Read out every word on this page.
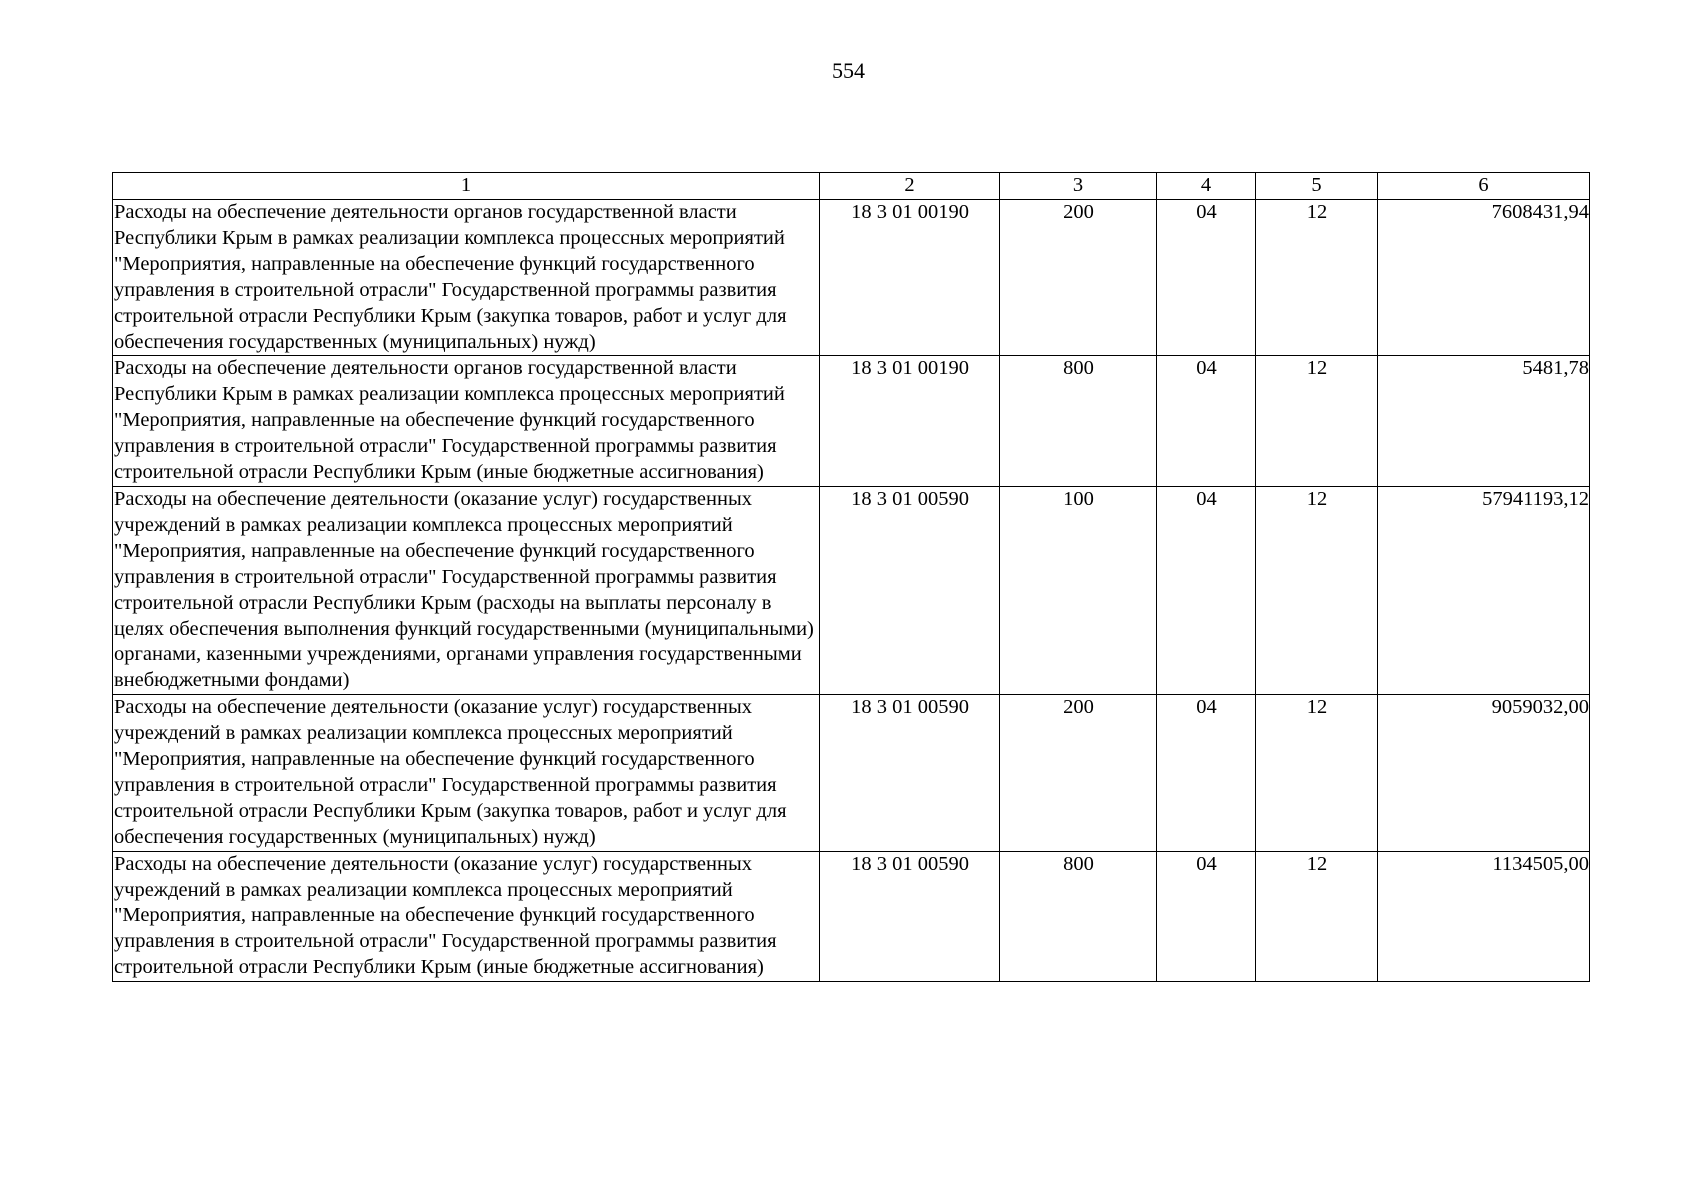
554
1	2	3	4	5	6
Расходы на обеспечение деятельности органов государственной власти Республики Крым в рамках реализации комплекса процессных мероприятий "Мероприятия, направленные на обеспечение функций государственного управления в строительной отрасли" Государственной программы развития строительной отрасли Республики Крым (закупка товаров, работ и услуг для обеспечения государственных (муниципальных) нужд)	18 3 01 00190	200	04	12	7608431,94
Расходы на обеспечение деятельности органов государственной власти Республики Крым в рамках реализации комплекса процессных мероприятий "Мероприятия, направленные на обеспечение функций государственного управления в строительной отрасли" Государственной программы развития строительной отрасли Республики Крым (иные бюджетные ассигнования)	18 3 01 00190	800	04	12	5481,78
Расходы на обеспечение деятельности (оказание услуг) государственных учреждений в рамках реализации комплекса процессных мероприятий "Мероприятия, направленные на обеспечение функций государственного управления в строительной отрасли" Государственной программы развития строительной отрасли Республики Крым (расходы на выплаты персоналу в целях обеспечения выполнения функций государственными (муниципальными) органами, казенными учреждениями, органами управления государственными внебюджетными фондами)	18 3 01 00590	100	04	12	57941193,12
Расходы на обеспечение деятельности (оказание услуг) государственных учреждений в рамках реализации комплекса процессных мероприятий "Мероприятия, направленные на обеспечение функций государственного управления в строительной отрасли" Государственной программы развития строительной отрасли Республики Крым (закупка товаров, работ и услуг для обеспечения государственных (муниципальных) нужд)	18 3 01 00590	200	04	12	9059032,00
Расходы на обеспечение деятельности (оказание услуг) государственных учреждений в рамках реализации комплекса процессных мероприятий "Мероприятия, направленные на обеспечение функций государственного управления в строительной отрасли" Государственной программы развития строительной отрасли Республики Крым (иные бюджетные ассигнования)	18 3 01 00590	800	04	12	1134505,00
